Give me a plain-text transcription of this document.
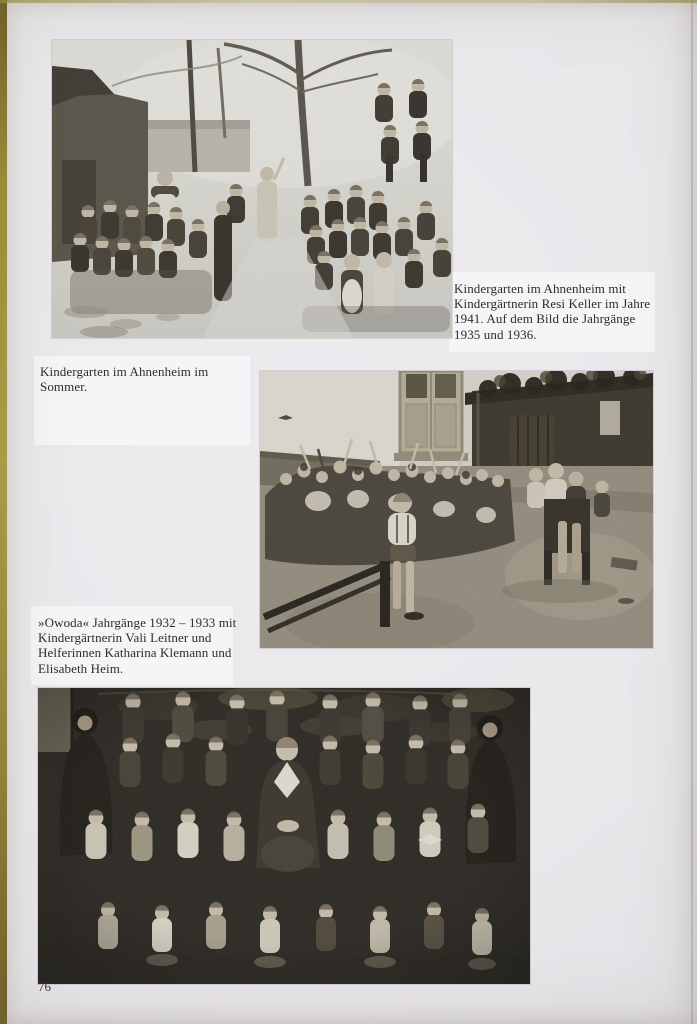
Kindergarten im Ahnenheim mit
Kindergärtnerin Resi Keller im Jahre
1941. Auf dem Bild die Jahrgänge
1935 und 1936.
Kindergarten im Ahnenheim im
Sommer.
»Owoda« Jahrgänge 1932 – 1933 mit
Kindergärtnerin Vali Leitner und
Helferinnen Katharina Klemann und
Elisabeth Heim.
76
